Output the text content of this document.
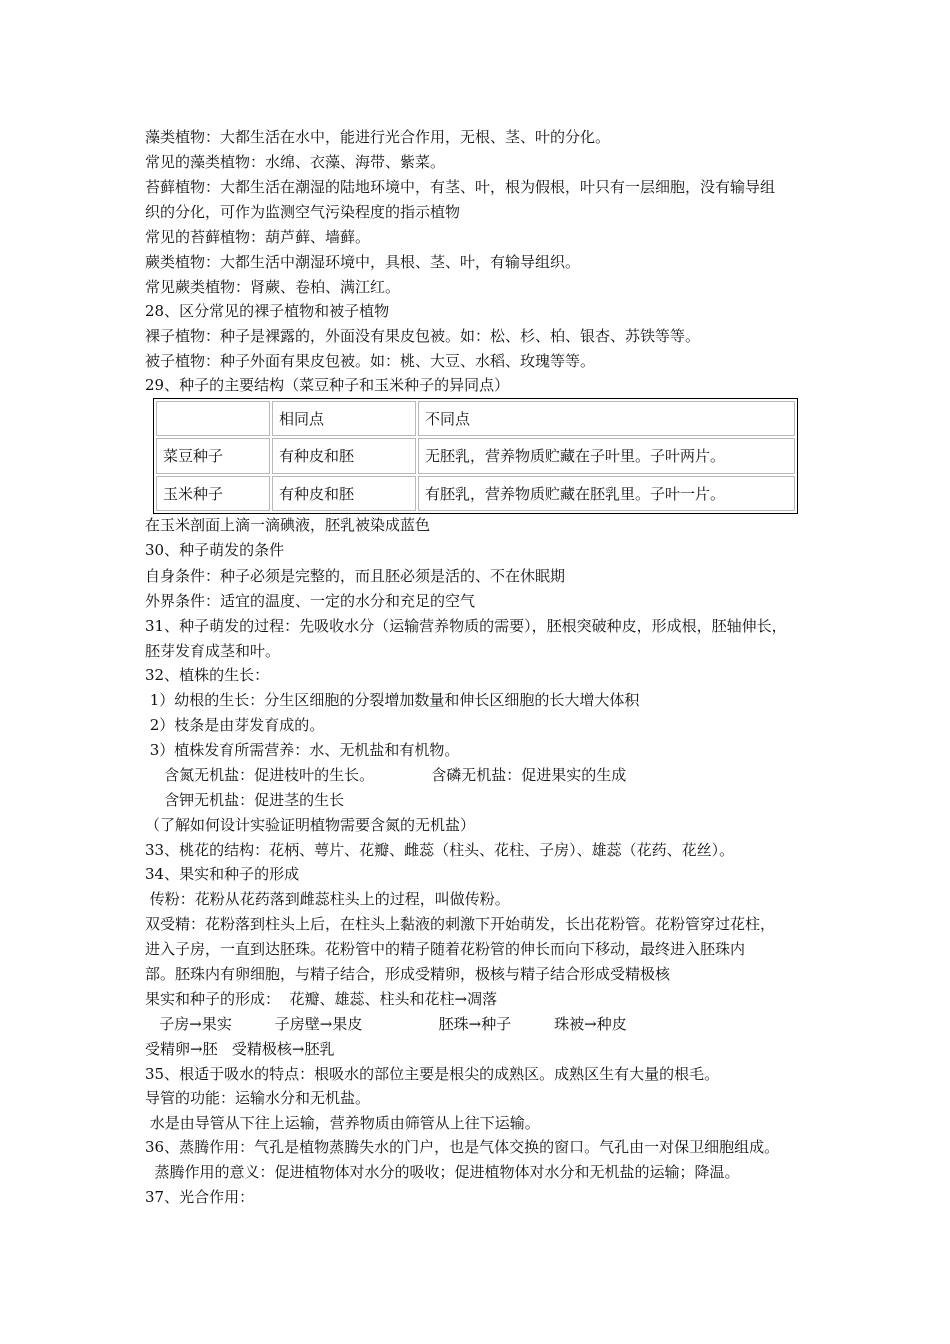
藻类植物：大都生活在水中，能进行光合作用，无根、茎、叶的分化。
常见的藻类植物：水绵、衣藻、海带、紫菜。
苔藓植物：大都生活在潮湿的陆地环境中，有茎、叶，根为假根，叶只有一层细胞，没有输导组
织的分化，可作为监测空气污染程度的指示植物
常见的苔藓植物：葫芦藓、墙藓。
蕨类植物：大都生活中潮湿环境中，具根、茎、叶，有输导组织。
常见蕨类植物：肾蕨、卷柏、满江红。
28、区分常见的裸子植物和被子植物
裸子植物：种子是裸露的，外面没有果皮包被。如：松、杉、柏、银杏、苏铁等等。
被子植物：种子外面有果皮包被。如：桃、大豆、水稻、玫瑰等等。
29、种子的主要结构（菜豆种子和玉米种子的异同点）
	相同点	不同点
菜豆种子	有种皮和胚	无胚乳，营养物质贮藏在子叶里。子叶两片。
玉米种子	有种皮和胚	有胚乳，营养物质贮藏在胚乳里。子叶一片。
在玉米剖面上滴一滴碘液，胚乳被染成蓝色
30、种子萌发的条件
自身条件：种子必须是完整的，而且胚必须是活的、不在休眠期
外界条件：适宜的温度、一定的水分和充足的空气
31、种子萌发的过程：先吸收水分（运输营养物质的需要），胚根突破种皮，形成根，胚轴伸长，
胚芽发育成茎和叶。
32、植株的生长：
1）幼根的生长：分生区细胞的分裂增加数量和伸长区细胞的长大增大体积
2）枝条是由芽发育成的。
3）植株发育所需营养：水、无机盐和有机物。
含氮无机盐：促进枝叶的生长。            含磷无机盐：促进果实的生成
含钾无机盐：促进茎的生长
（了解如何设计实验证明植物需要含氮的无机盐）
33、桃花的结构：花柄、萼片、花瓣、雌蕊（柱头、花柱、子房）、雄蕊（花药、花丝）。
34、果实和种子的形成
传粉：花粉从花药落到雌蕊柱头上的过程，叫做传粉。
双受精：花粉落到柱头上后，在柱头上黏液的刺激下开始萌发，长出花粉管。花粉管穿过花柱，
进入子房，一直到达胚珠。花粉管中的精子随着花粉管的伸长而向下移动，最终进入胚珠内
部。胚珠内有卵细胞，与精子结合，形成受精卵，极核与精子结合形成受精极核
果实和种子的形成：  花瓣、雄蕊、柱头和花柱→凋落
子房→果实         子房壁→果皮                胚珠→种子         珠被→种皮
受精卵→胚   受精极核→胚乳
35、根适于吸水的特点：根吸水的部位主要是根尖的成熟区。成熟区生有大量的根毛。
导管的功能：运输水分和无机盐。
水是由导管从下往上运输，营养物质由筛管从上往下运输。
36、蒸腾作用：气孔是植物蒸腾失水的门户，也是气体交换的窗口。气孔由一对保卫细胞组成。
蒸腾作用的意义：促进植物体对水分的吸收；促进植物体对水分和无机盐的运输；降温。
37、光合作用：
